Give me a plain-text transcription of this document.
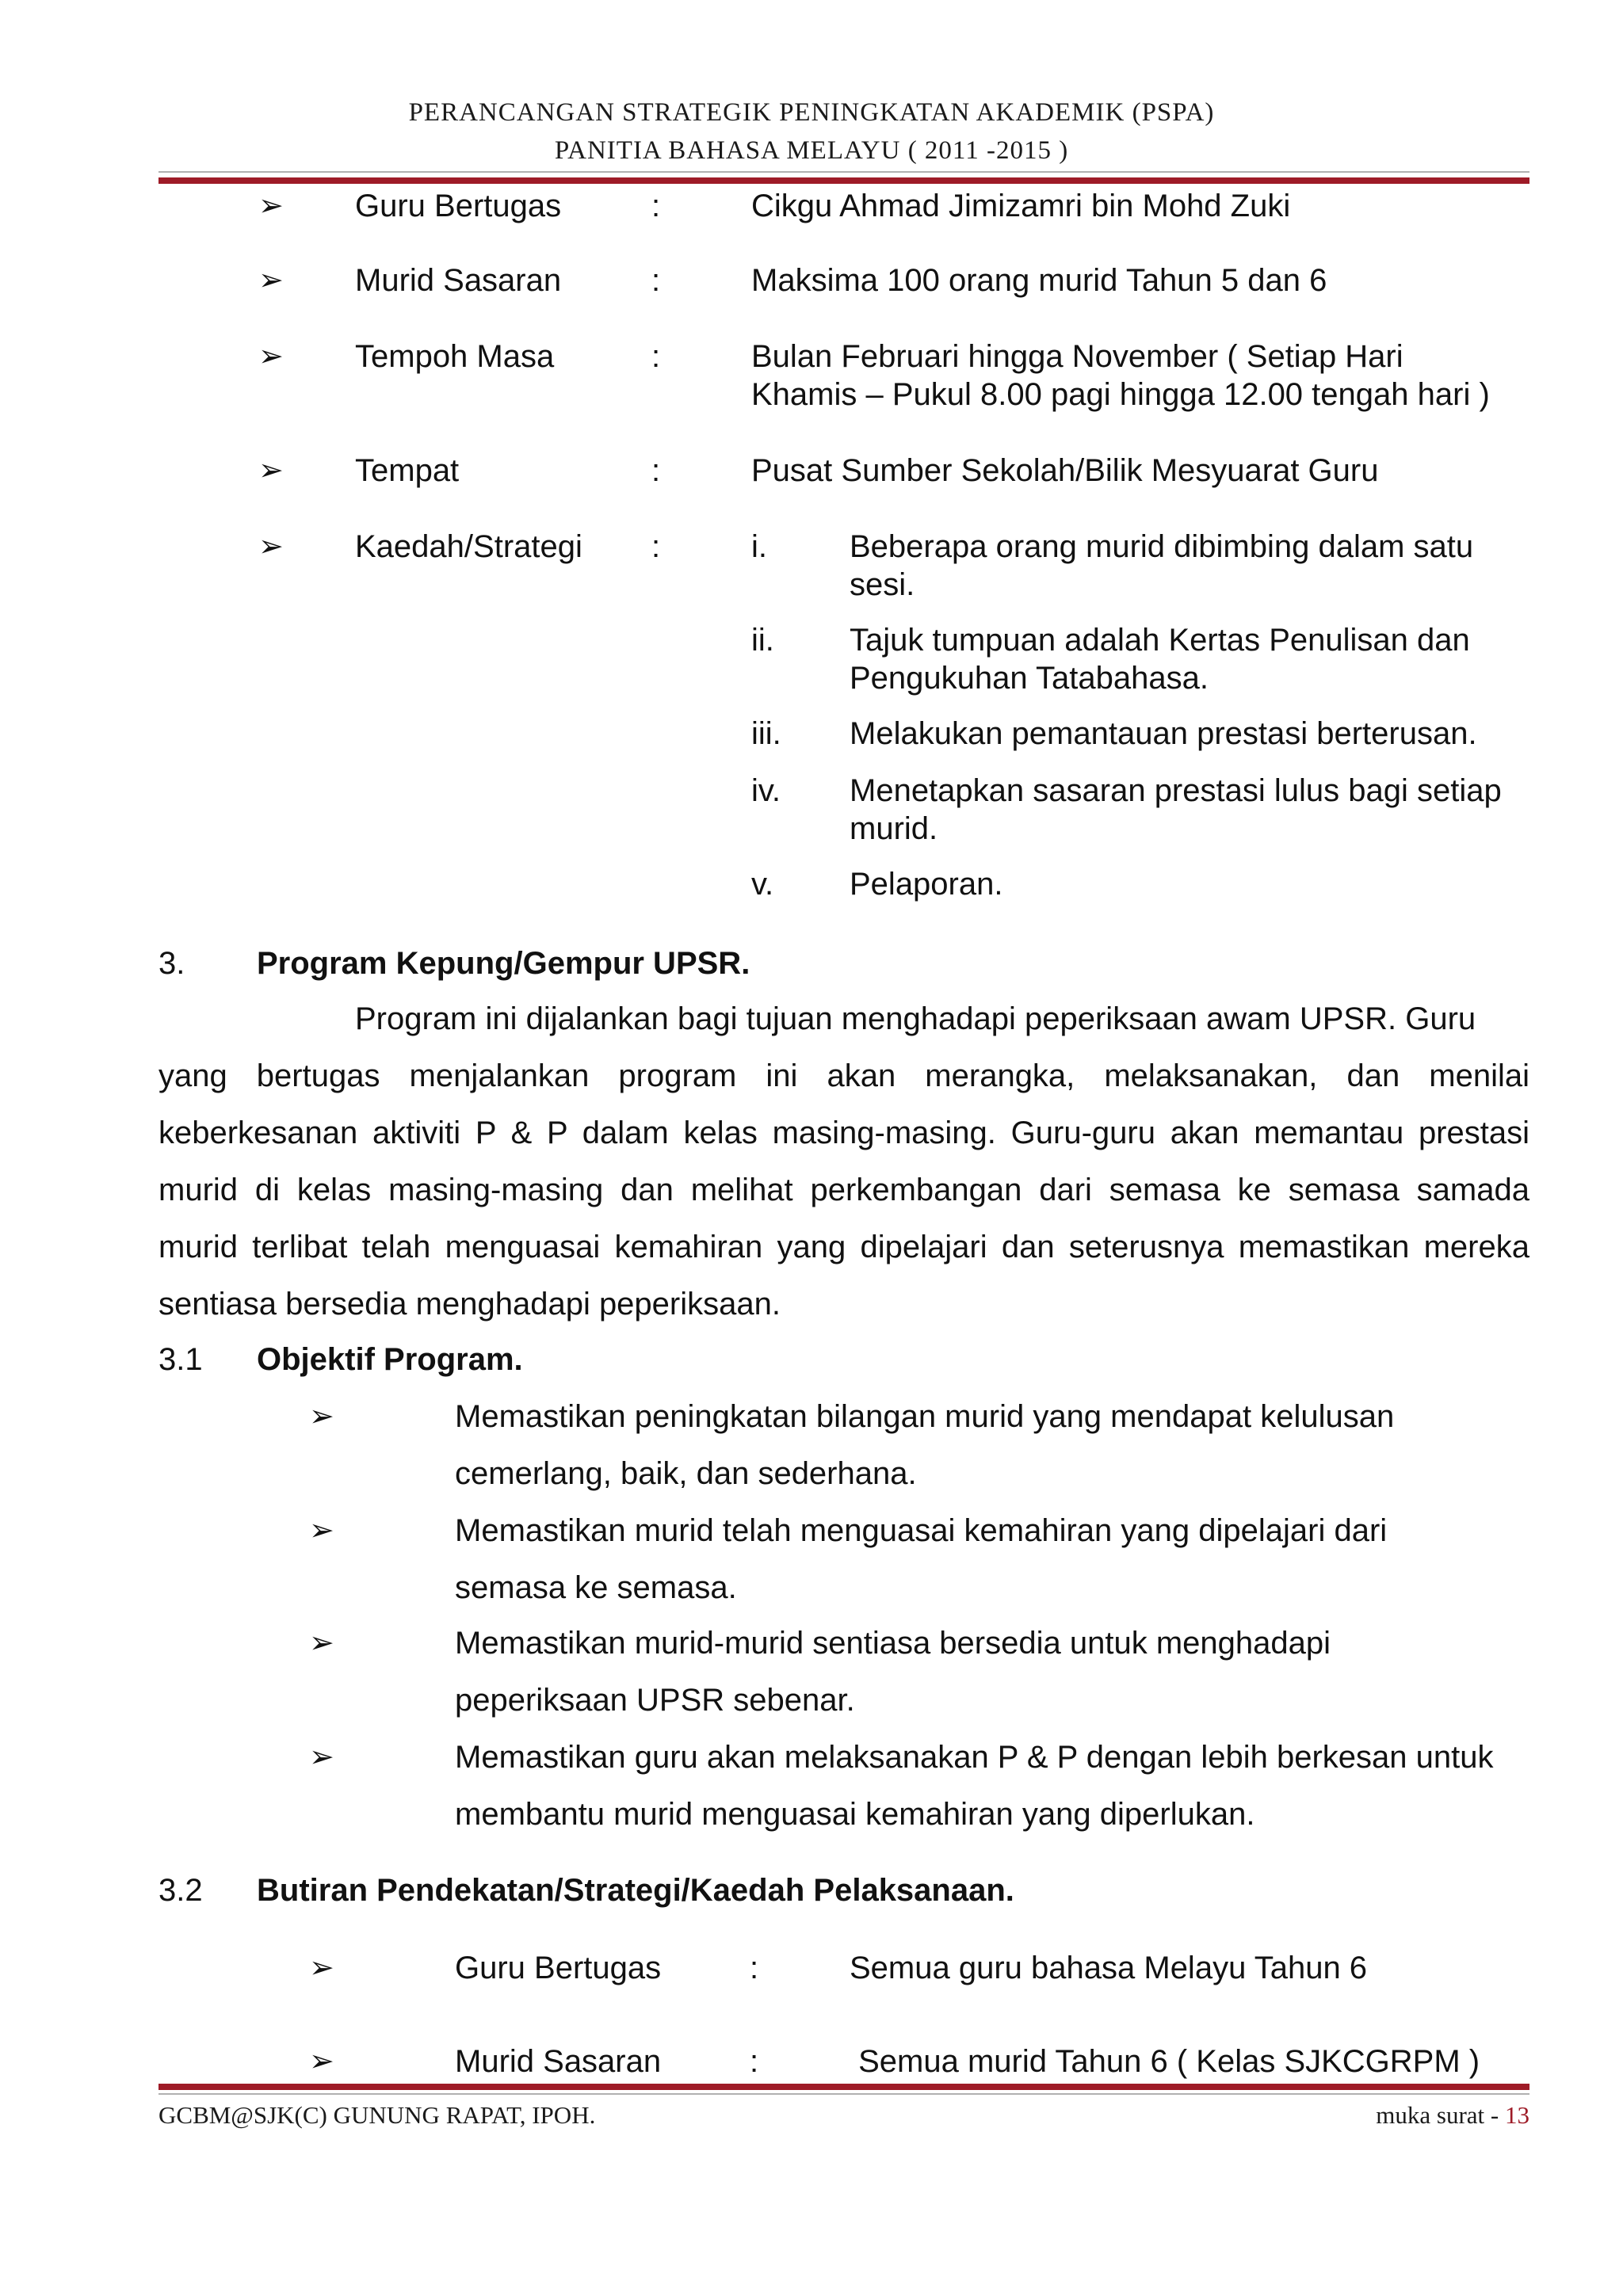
PERANCANGAN STRATEGIK PENINGKATAN AKADEMIK (PSPA)
PANITIA BAHASA MELAYU ( 2011 -2015 )
➢ Guru Bertugas	:	Cikgu Ahmad Jimizamri bin Mohd Zuki
➢ Murid Sasaran	:	Maksima 100 orang murid Tahun 5 dan 6
➢ Tempoh Masa	:	Bulan Februari hingga November ( Setiap Hari
Khamis – Pukul 8.00 pagi hingga 12.00 tengah hari )
➢ Tempat	:	Pusat Sumber Sekolah/Bilik Mesyuarat Guru
➢ Kaedah/Strategi :	i.	Beberapa orang murid dibimbing dalam satu
sesi.
ii. Tajuk tumpuan adalah Kertas Penulisan dan
Pengukuhan Tatabahasa.
iii. Melakukan pemantauan prestasi berterusan.
iv. Menetapkan sasaran prestasi lulus bagi setiap
murid.
v. Pelaporan.
3. Program Kepung/Gempur UPSR.
Program ini dijalankan bagi tujuan menghadapi peperiksaan awam UPSR. Guru
yang bertugas menjalankan program ini akan merangka, melaksanakan, dan menilai
keberkesanan aktiviti P & P dalam kelas masing-masing. Guru-guru akan memantau prestasi
murid di kelas masing-masing dan melihat perkembangan dari semasa ke semasa samada
murid terlibat telah menguasai kemahiran yang dipelajari dan seterusnya memastikan mereka
sentiasa bersedia menghadapi peperiksaan.
3.1 Objektif Program.
➢	Memastikan peningkatan bilangan murid yang mendapat kelulusan
cemerlang, baik, dan sederhana.
➢	Memastikan murid telah menguasai kemahiran yang dipelajari dari
semasa ke semasa.
➢	Memastikan murid-murid sentiasa bersedia untuk menghadapi
peperiksaan UPSR sebenar.
➢	Memastikan guru akan melaksanakan P & P dengan lebih berkesan untuk
membantu murid menguasai kemahiran yang diperlukan.
3.2 Butiran Pendekatan/Strategi/Kaedah Pelaksanaan.
➢	Guru Bertugas	:	Semua guru bahasa Melayu Tahun 6
➢	Murid Sasaran	:	Semua murid Tahun 6 ( Kelas SJKCGRPM )
GCBM@SJK(C) GUNUNG RAPAT, IPOH.	muka surat - 13
